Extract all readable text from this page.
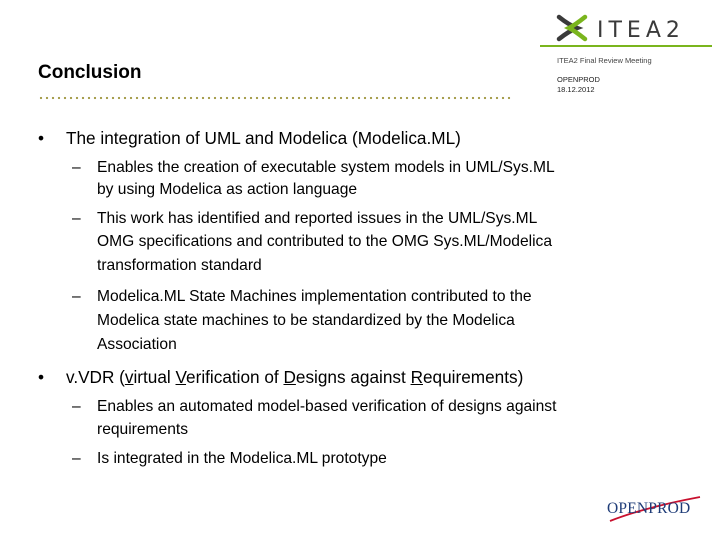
ITEA2
ITEA2 Final Review Meeting
OPENPROD
18.12.2012
Conclusion
• The integration of UML and Modelica (Modelica.ML)
– Enables the creation of executable system models in UML/Sys.ML
by using Modelica as action language
– This work has identified and reported issues in the UML/Sys.ML
OMG specifications and contributed to the OMG Sys.ML/Modelica
transformation standard
– Modelica.ML State Machines implementation contributed to the
Modelica state machines to be standardized by the Modelica
Association
• v.VDR (virtual Verification of Designs against Requirements)
– Enables an automated model-based verification of designs against
requirements
– Is integrated in the Modelica.ML prototype
OPENPROD
